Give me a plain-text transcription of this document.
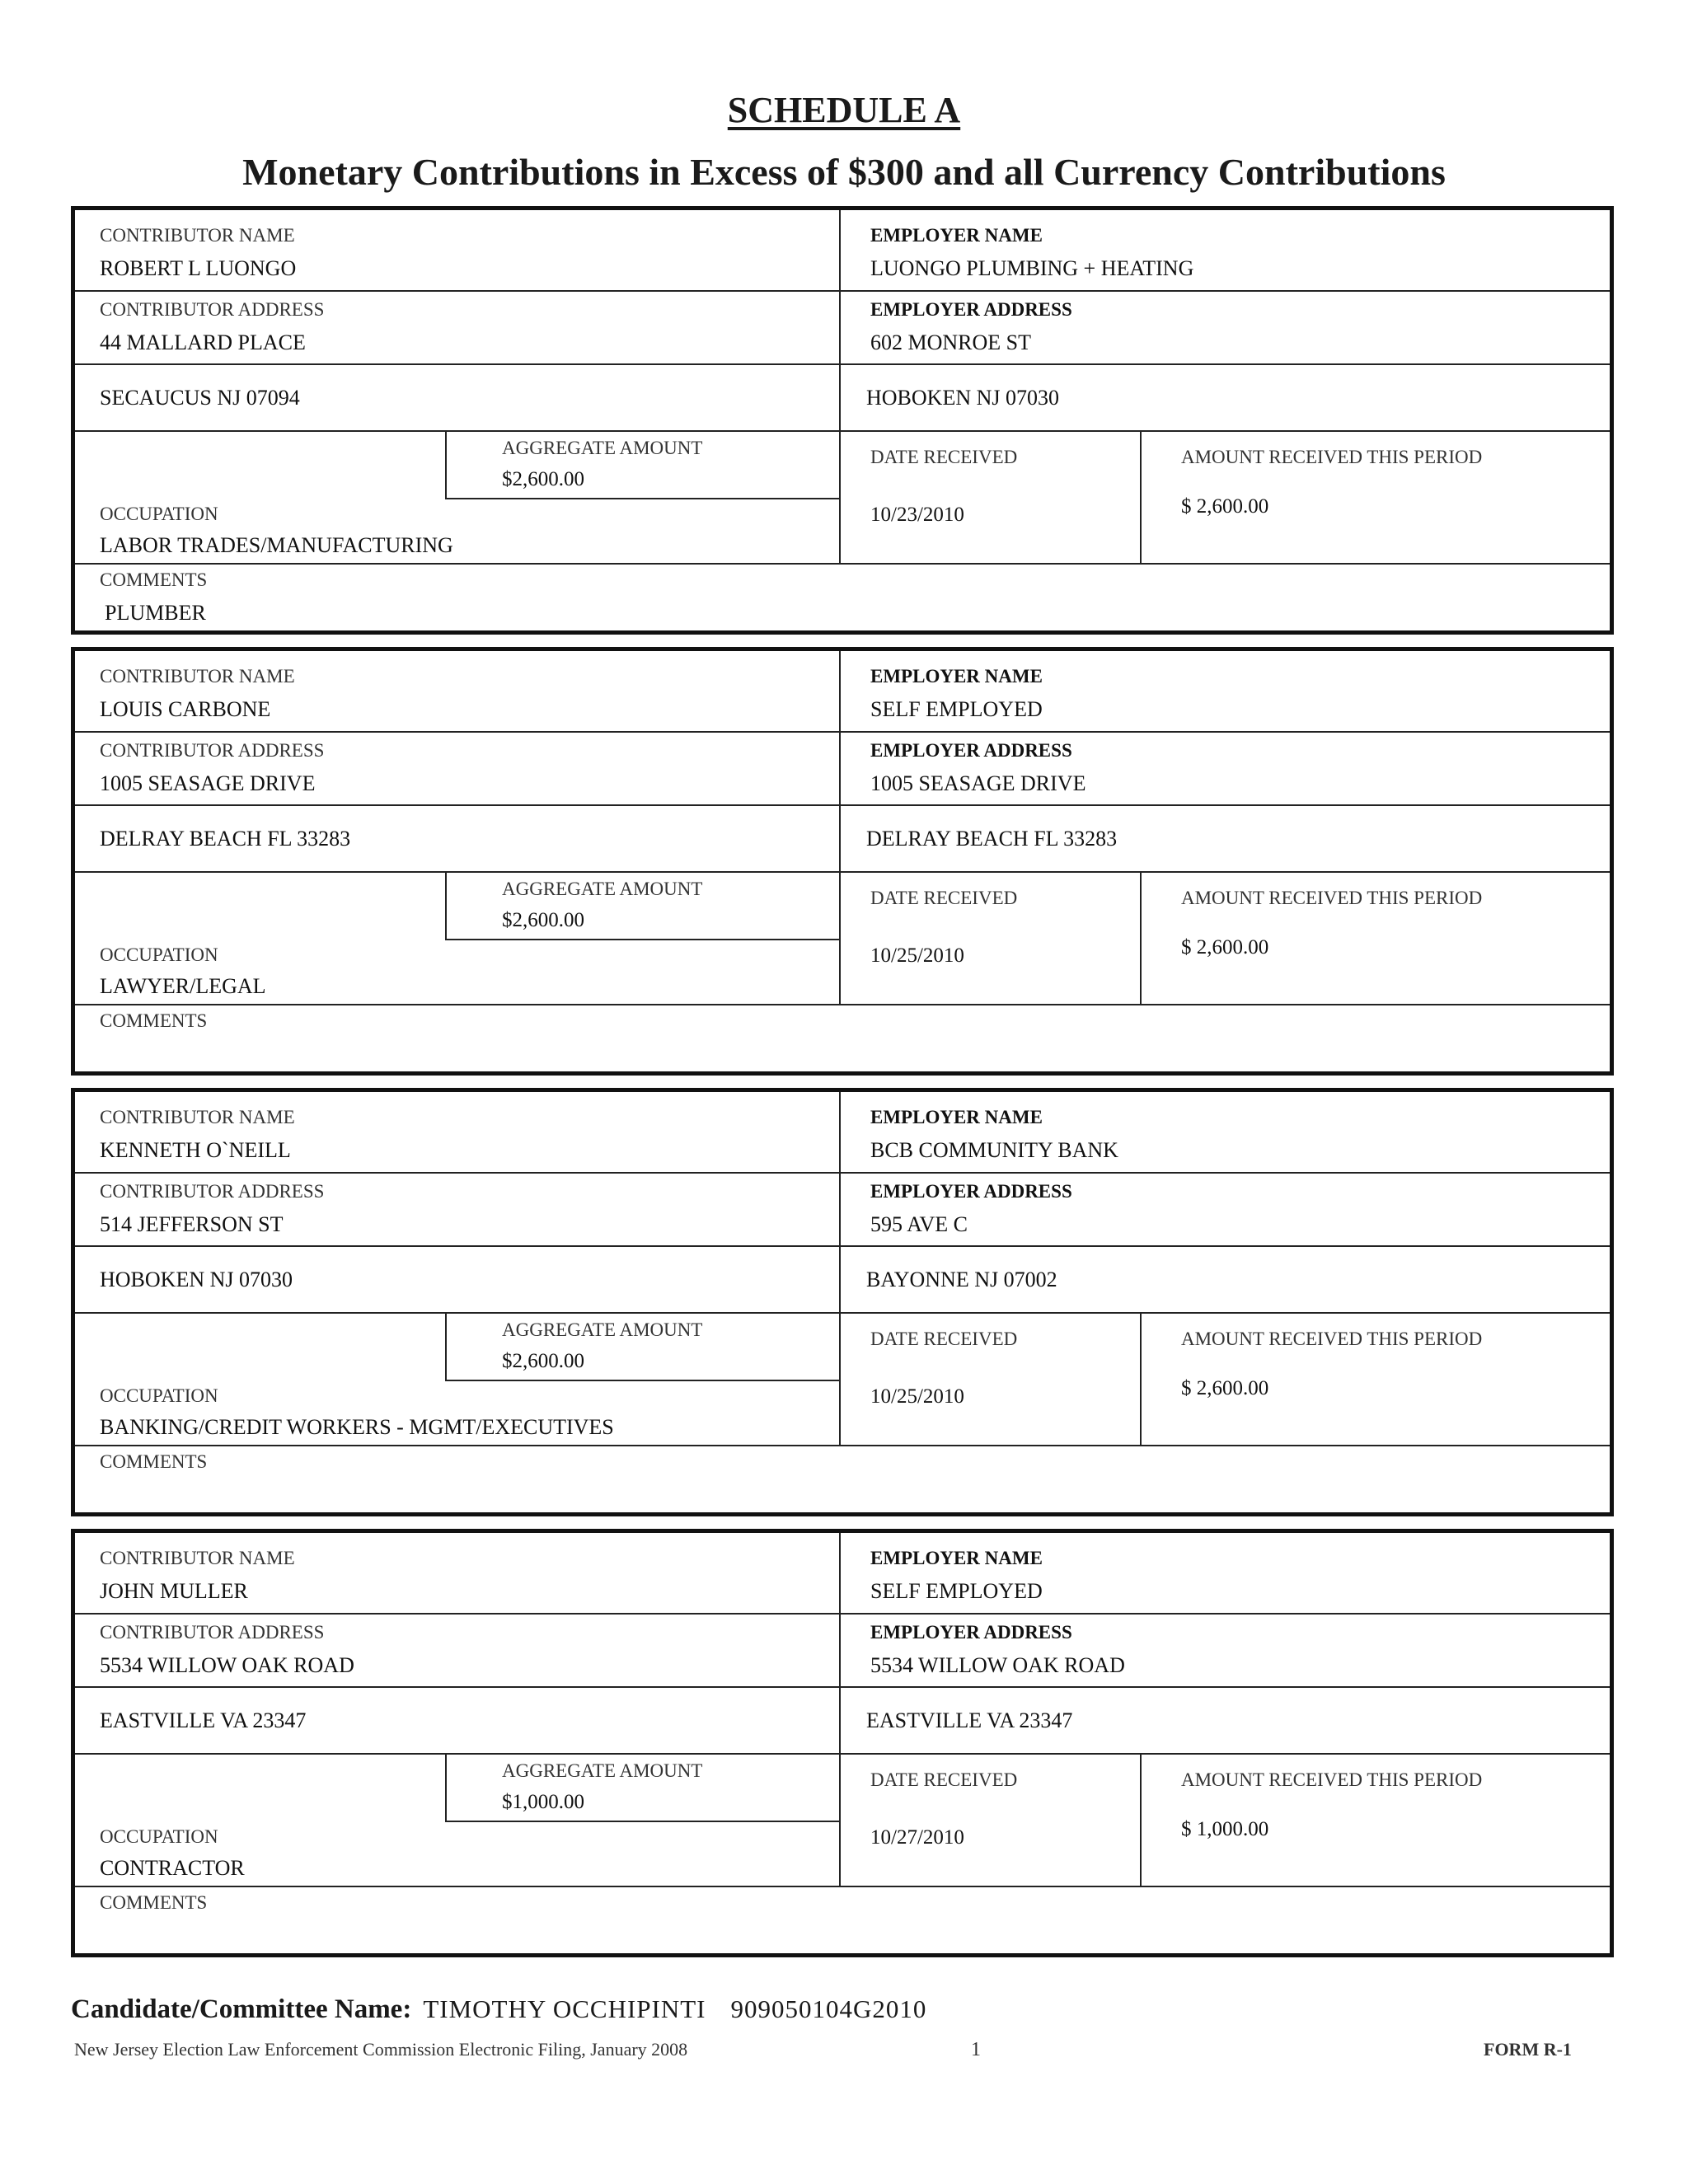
SCHEDULE A
Monetary Contributions in Excess of $300 and all Currency Contributions
CONTRIBUTOR NAME
ROBERT L LUONGO
EMPLOYER NAME
LUONGO PLUMBING + HEATING
CONTRIBUTOR ADDRESS
44 MALLARD PLACE
EMPLOYER ADDRESS
602 MONROE ST
SECAUCUS NJ 07094	HOBOKEN NJ 07030
AGGREGATE AMOUNT
$2,600.00
DATE RECEIVED
10/23/2010
AMOUNT RECEIVED THIS PERIOD
$ 2,600.00
OCCUPATION
LABOR TRADES/MANUFACTURING
COMMENTS
PLUMBER
CONTRIBUTOR NAME
LOUIS CARBONE
EMPLOYER NAME
SELF EMPLOYED
CONTRIBUTOR ADDRESS
1005 SEASAGE DRIVE
EMPLOYER ADDRESS
1005 SEASAGE DRIVE
DELRAY BEACH FL 33283	DELRAY BEACH FL 33283
AGGREGATE AMOUNT
$2,600.00
DATE RECEIVED
10/25/2010
AMOUNT RECEIVED THIS PERIOD
$ 2,600.00
OCCUPATION
LAWYER/LEGAL
COMMENTS
CONTRIBUTOR NAME
KENNETH O`NEILL
EMPLOYER NAME
BCB COMMUNITY BANK
CONTRIBUTOR ADDRESS
514 JEFFERSON ST
EMPLOYER ADDRESS
595 AVE C
HOBOKEN NJ 07030	BAYONNE NJ 07002
AGGREGATE AMOUNT
$2,600.00
DATE RECEIVED
10/25/2010
AMOUNT RECEIVED THIS PERIOD
$ 2,600.00
OCCUPATION
BANKING/CREDIT WORKERS - MGMT/EXECUTIVES
COMMENTS
CONTRIBUTOR NAME
JOHN MULLER
EMPLOYER NAME
SELF EMPLOYED
CONTRIBUTOR ADDRESS
5534 WILLOW OAK ROAD
EMPLOYER ADDRESS
5534 WILLOW OAK ROAD
EASTVILLE VA 23347	EASTVILLE VA 23347
AGGREGATE AMOUNT
$1,000.00
DATE RECEIVED
10/27/2010
AMOUNT RECEIVED THIS PERIOD
$ 1,000.00
OCCUPATION
CONTRACTOR
COMMENTS
Candidate/Committee Name: TIMOTHY OCCHIPINTI 909050104G2010
New Jersey Election Law Enforcement Commission Electronic Filing, January 2008	1	FORM R-1
